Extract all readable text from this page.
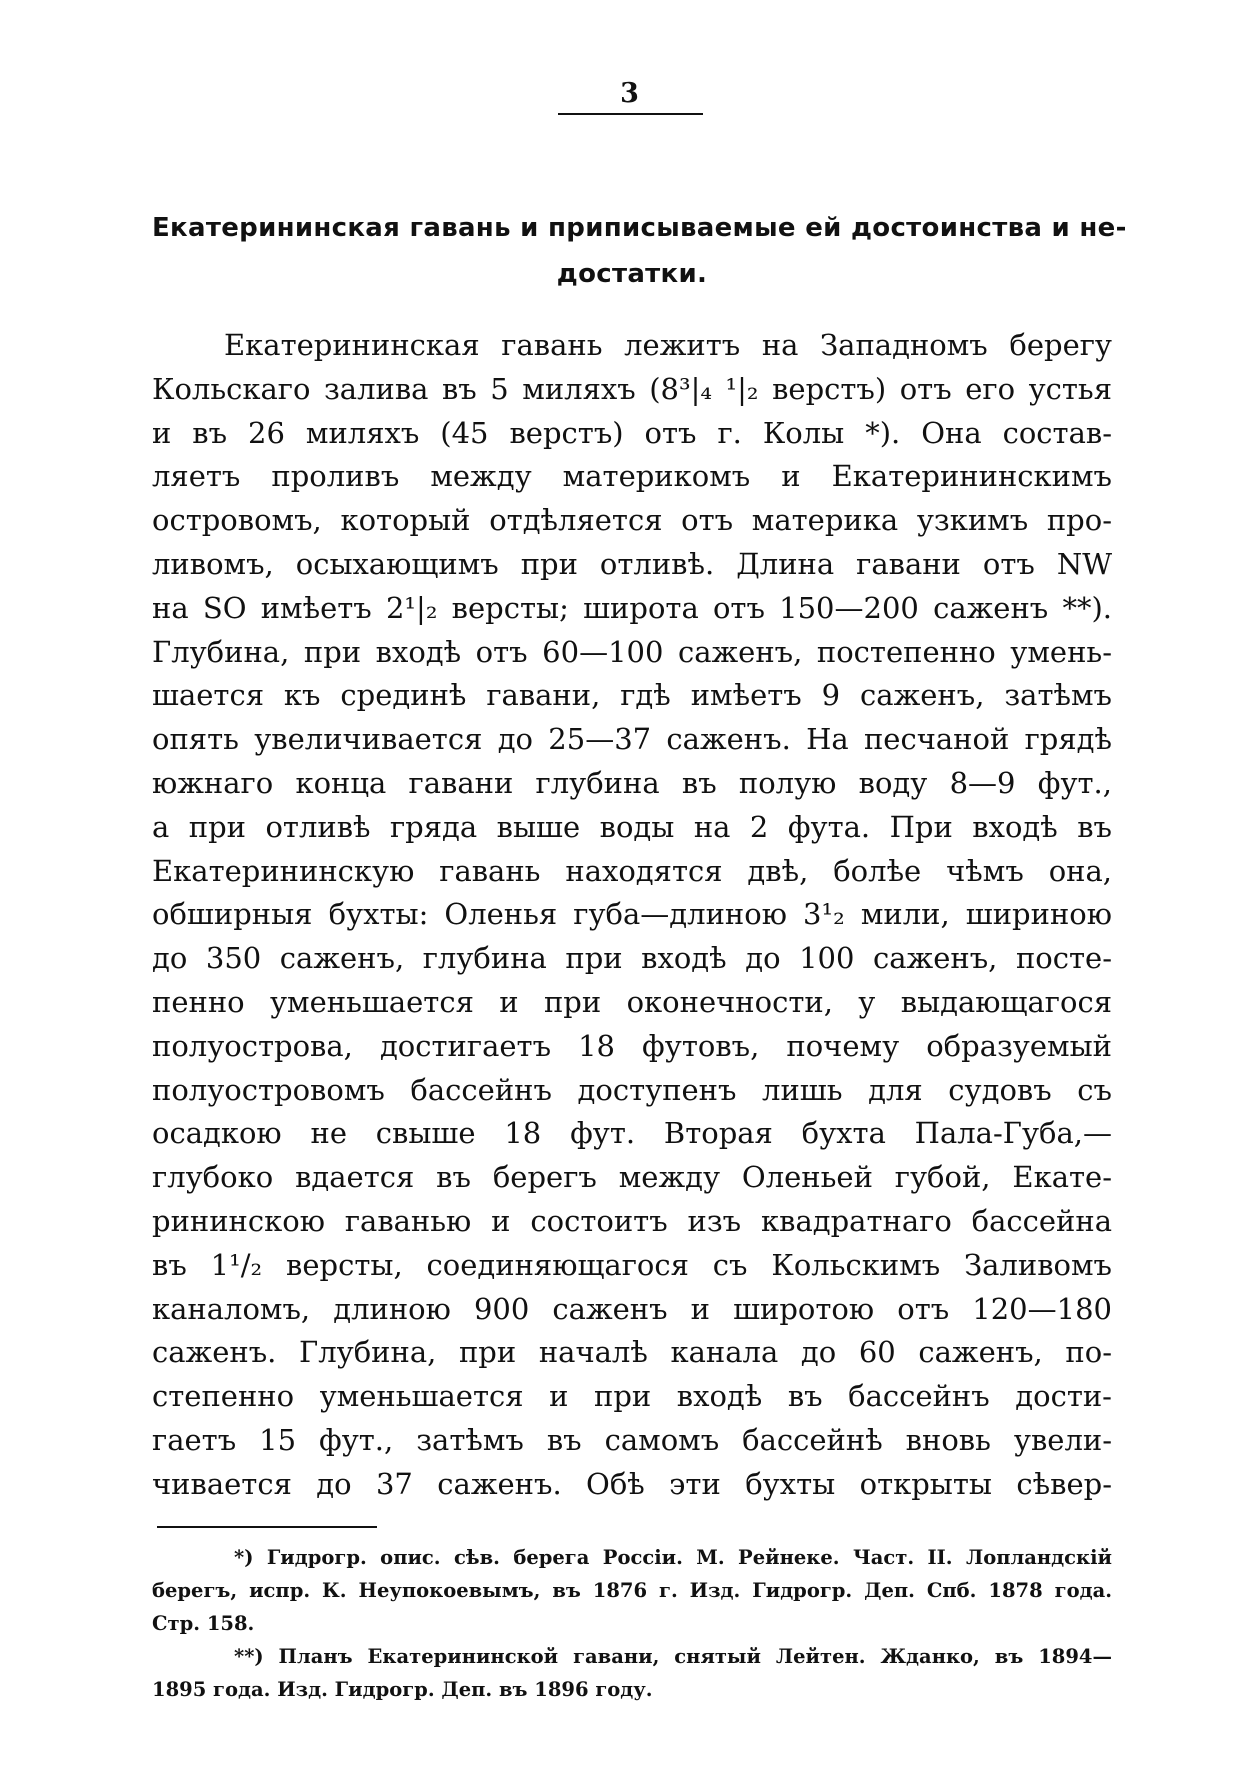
3
Екатерининская гавань и приписываемые ей достоинства и не-
достатки.
Екатерининская гавань лежитъ на Западномъ берегу
Кольскаго залива въ 5 миляхъ (8³|₄ ¹|₂ верстъ) отъ его устья
и въ 26 миляхъ (45 верстъ) отъ г. Колы *). Она состав-
ляетъ проливъ между материкомъ и Екатерининскимъ
островомъ, который отдѣляется отъ материка узкимъ про-
ливомъ, осыхающимъ при отливѣ. Длина гавани отъ NW
на SO имѣетъ 2¹|₂ версты; широта отъ 150—200 саженъ **).
Глубина, при входѣ отъ 60—100 саженъ, постепенно умень-
шается къ срединѣ гавани, гдѣ имѣетъ 9 саженъ, затѣмъ
опять увеличивается до 25—37 саженъ. На песчаной грядѣ
южнаго конца гавани глубина въ полую воду 8—9 фут.,
а при отливѣ гряда выше воды на 2 фута. При входѣ въ
Екатерининскую гавань находятся двѣ, болѣе чѣмъ она,
обширныя бухты: Оленья губа—длиною 3¹₂ мили, шириною
до 350 саженъ, глубина при входѣ до 100 саженъ, посте-
пенно уменьшается и при оконечности, у выдающагося
полуострова, достигаетъ 18 футовъ, почему образуемый
полуостровомъ бассейнъ доступенъ лишь для судовъ съ
осадкою не свыше 18 фут. Вторая бухта Пала-Губа,—
глубоко вдается въ берегъ между Оленьей губой, Екате-
рининскою гаванью и состоитъ изъ квадратнаго бассейна
въ 1¹/₂ версты, соединяющагося съ Кольскимъ Заливомъ
каналомъ, длиною 900 саженъ и широтою отъ 120—180
саженъ. Глубина, при началѣ канала до 60 саженъ, по-
степенно уменьшается и при входѣ въ бассейнъ дости-
гаетъ 15 фут., затѣмъ въ самомъ бассейнѣ вновь увели-
чивается до 37 саженъ. Обѣ эти бухты открыты сѣвер-
*) Гидрогр. опис. сѣв. берега Россіи. М. Рейнеке. Част. II. Лопландскій
берегъ, испр. К. Неупокоевымъ, въ 1876 г. Изд. Гидрогр. Деп. Спб. 1878 года.
Стр. 158.
**) Планъ Екатерининской гавани, снятый Лейтен. Жданко, въ 1894—
1895 года. Изд. Гидрогр. Деп. въ 1896 году.
